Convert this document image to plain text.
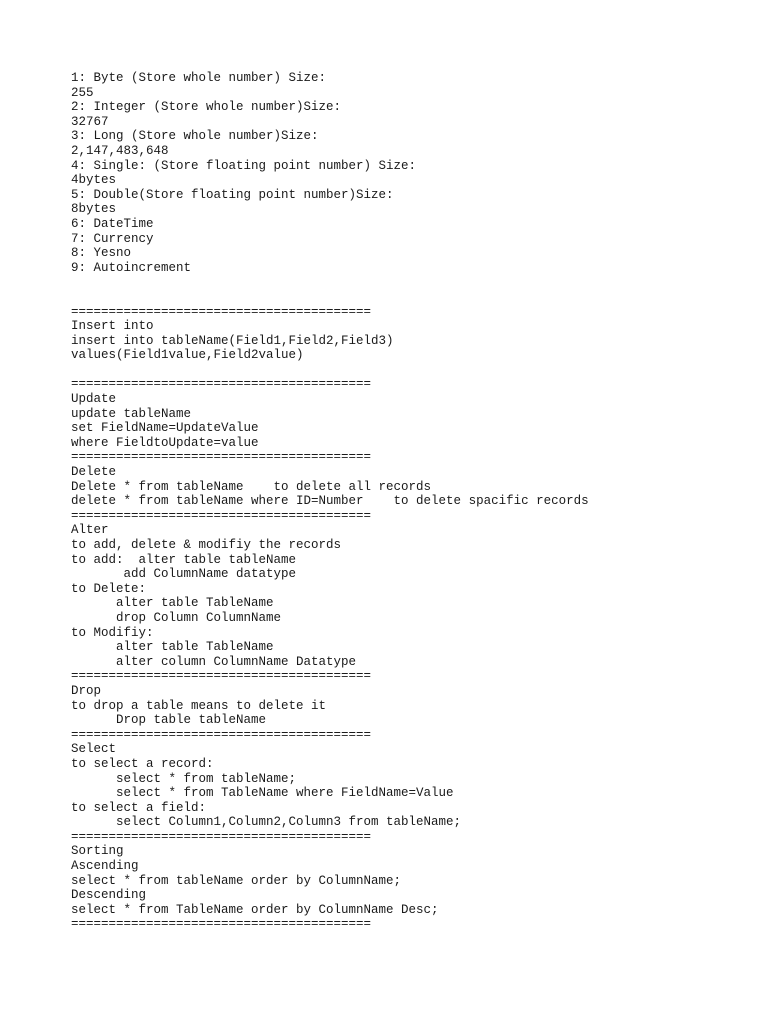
1: Byte (Store whole number) Size:
255
2: Integer (Store whole number)Size:
32767
3: Long (Store whole number)Size:
2,147,483,648
4: Single: (Store floating point number) Size:
4bytes
5: Double(Store floating point number)Size:
8bytes
6: DateTime
7: Currency
8: Yesno
9: Autoincrement
========================================
Insert into
insert into tableName(Field1,Field2,Field3)
values(Field1value,Field2value)
========================================
Update
update tableName
set FieldName=UpdateValue
where FieldtoUpdate=value
========================================
Delete
Delete * from tableName    to delete all records
delete * from tableName where ID=Number    to delete spacific records
========================================
Alter
to add, delete & modifiy the records
to add:  alter table tableName
add ColumnName datatype
to Delete:
alter table TableName
drop Column ColumnName
to Modifiy:
alter table TableName
alter column ColumnName Datatype
========================================
Drop
to drop a table means to delete it
Drop table tableName
========================================
Select
to select a record:
select * from tableName;
select * from TableName where FieldName=Value
to select a field:
select Column1,Column2,Column3 from tableName;
========================================
Sorting
Ascending
select * from tableName order by ColumnName;
Descending
select * from TableName order by ColumnName Desc;
========================================
